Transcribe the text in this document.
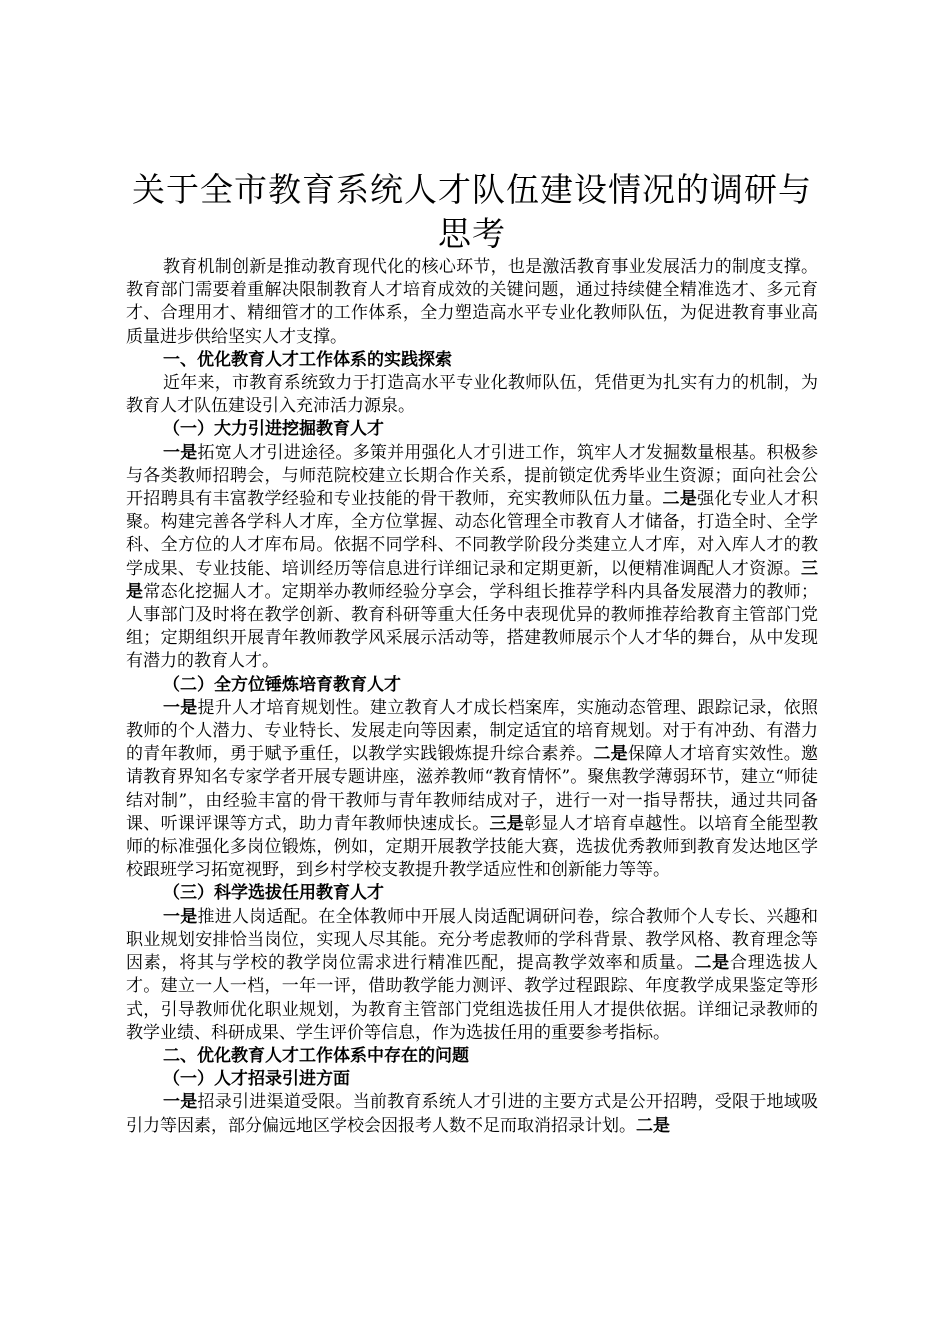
关于全市教育系统人才队伍建设情况的调研与思考

教育机制创新是推动教育现代化的核心环节，也是激活教育事业发展活力的制度支撑。教育部门需要着重解决限制教育人才培育成效的关键问题，通过持续健全精准选才、多元育才、合理用才、精细管才的工作体系，全力塑造高水平专业化教师队伍，为促进教育事业高质量进步供给坚实人才支撑。

一、优化教育人才工作体系的实践探索

近年来，市教育系统致力于打造高水平专业化教师队伍，凭借更为扎实有力的机制，为教育人才队伍建设引入充沛活力源泉。

（一）大力引进挖掘教育人才

一是拓宽人才引进途径。多策并用强化人才引进工作，筑牢人才发掘数量根基。积极参与各类教师招聘会，与师范院校建立长期合作关系，提前锁定优秀毕业生资源；面向社会公开招聘具有丰富教学经验和专业技能的骨干教师，充实教师队伍力量。二是强化专业人才积聚。构建完善各学科人才库，全方位掌握、动态化管理全市教育人才储备，打造全时、全学科、全方位的人才库布局。依据不同学科、不同教学阶段分类建立人才库，对入库人才的教学成果、专业技能、培训经历等信息进行详细记录和定期更新，以便精准调配人才资源。三是常态化挖掘人才。定期举办教师经验分享会，学科组长推荐学科内具备发展潜力的教师；人事部门及时将在教学创新、教育科研等重大任务中表现优异的教师推荐给教育主管部门党组；定期组织开展青年教师教学风采展示活动等，搭建教师展示个人才华的舞台，从中发现有潜力的教育人才。

（二）全方位锤炼培育教育人才

一是提升人才培育规划性。建立教育人才成长档案库，实施动态管理、跟踪记录，依照教师的个人潜力、专业特长、发展走向等因素，制定适宜的培育规划。对于有冲劲、有潜力的青年教师，勇于赋予重任，以教学实践锻炼提升综合素养。二是保障人才培育实效性。邀请教育界知名专家学者开展专题讲座，滋养教师“教育情怀”。聚焦教学薄弱环节，建立“师徒结对制”，由经验丰富的骨干教师与青年教师结成对子，进行一对一指导帮扶，通过共同备课、听课评课等方式，助力青年教师快速成长。三是彰显人才培育卓越性。以培育全能型教师的标准强化多岗位锻炼，例如，定期开展教学技能大赛，选拔优秀教师到教育发达地区学校跟班学习拓宽视野，到乡村学校支教提升教学适应性和创新能力等等。

（三）科学选拔任用教育人才

一是推进人岗适配。在全体教师中开展人岗适配调研问卷，综合教师个人专长、兴趣和职业规划安排恰当岗位，实现人尽其能。充分考虑教师的学科背景、教学风格、教育理念等因素，将其与学校的教学岗位需求进行精准匹配，提高教学效率和质量。二是合理选拔人才。建立一人一档，一年一评，借助教学能力测评、教学过程跟踪、年度教学成果鉴定等形式，引导教师优化职业规划，为教育主管部门党组选拔任用人才提供依据。详细记录教师的教学业绩、科研成果、学生评价等信息，作为选拔任用的重要参考指标。

二、优化教育人才工作体系中存在的问题

（一）人才招录引进方面

一是招录引进渠道受限。当前教育系统人才引进的主要方式是公开招聘，受限于地域吸引力等因素，部分偏远地区学校会因报考人数不足而取消招录计划。二是
